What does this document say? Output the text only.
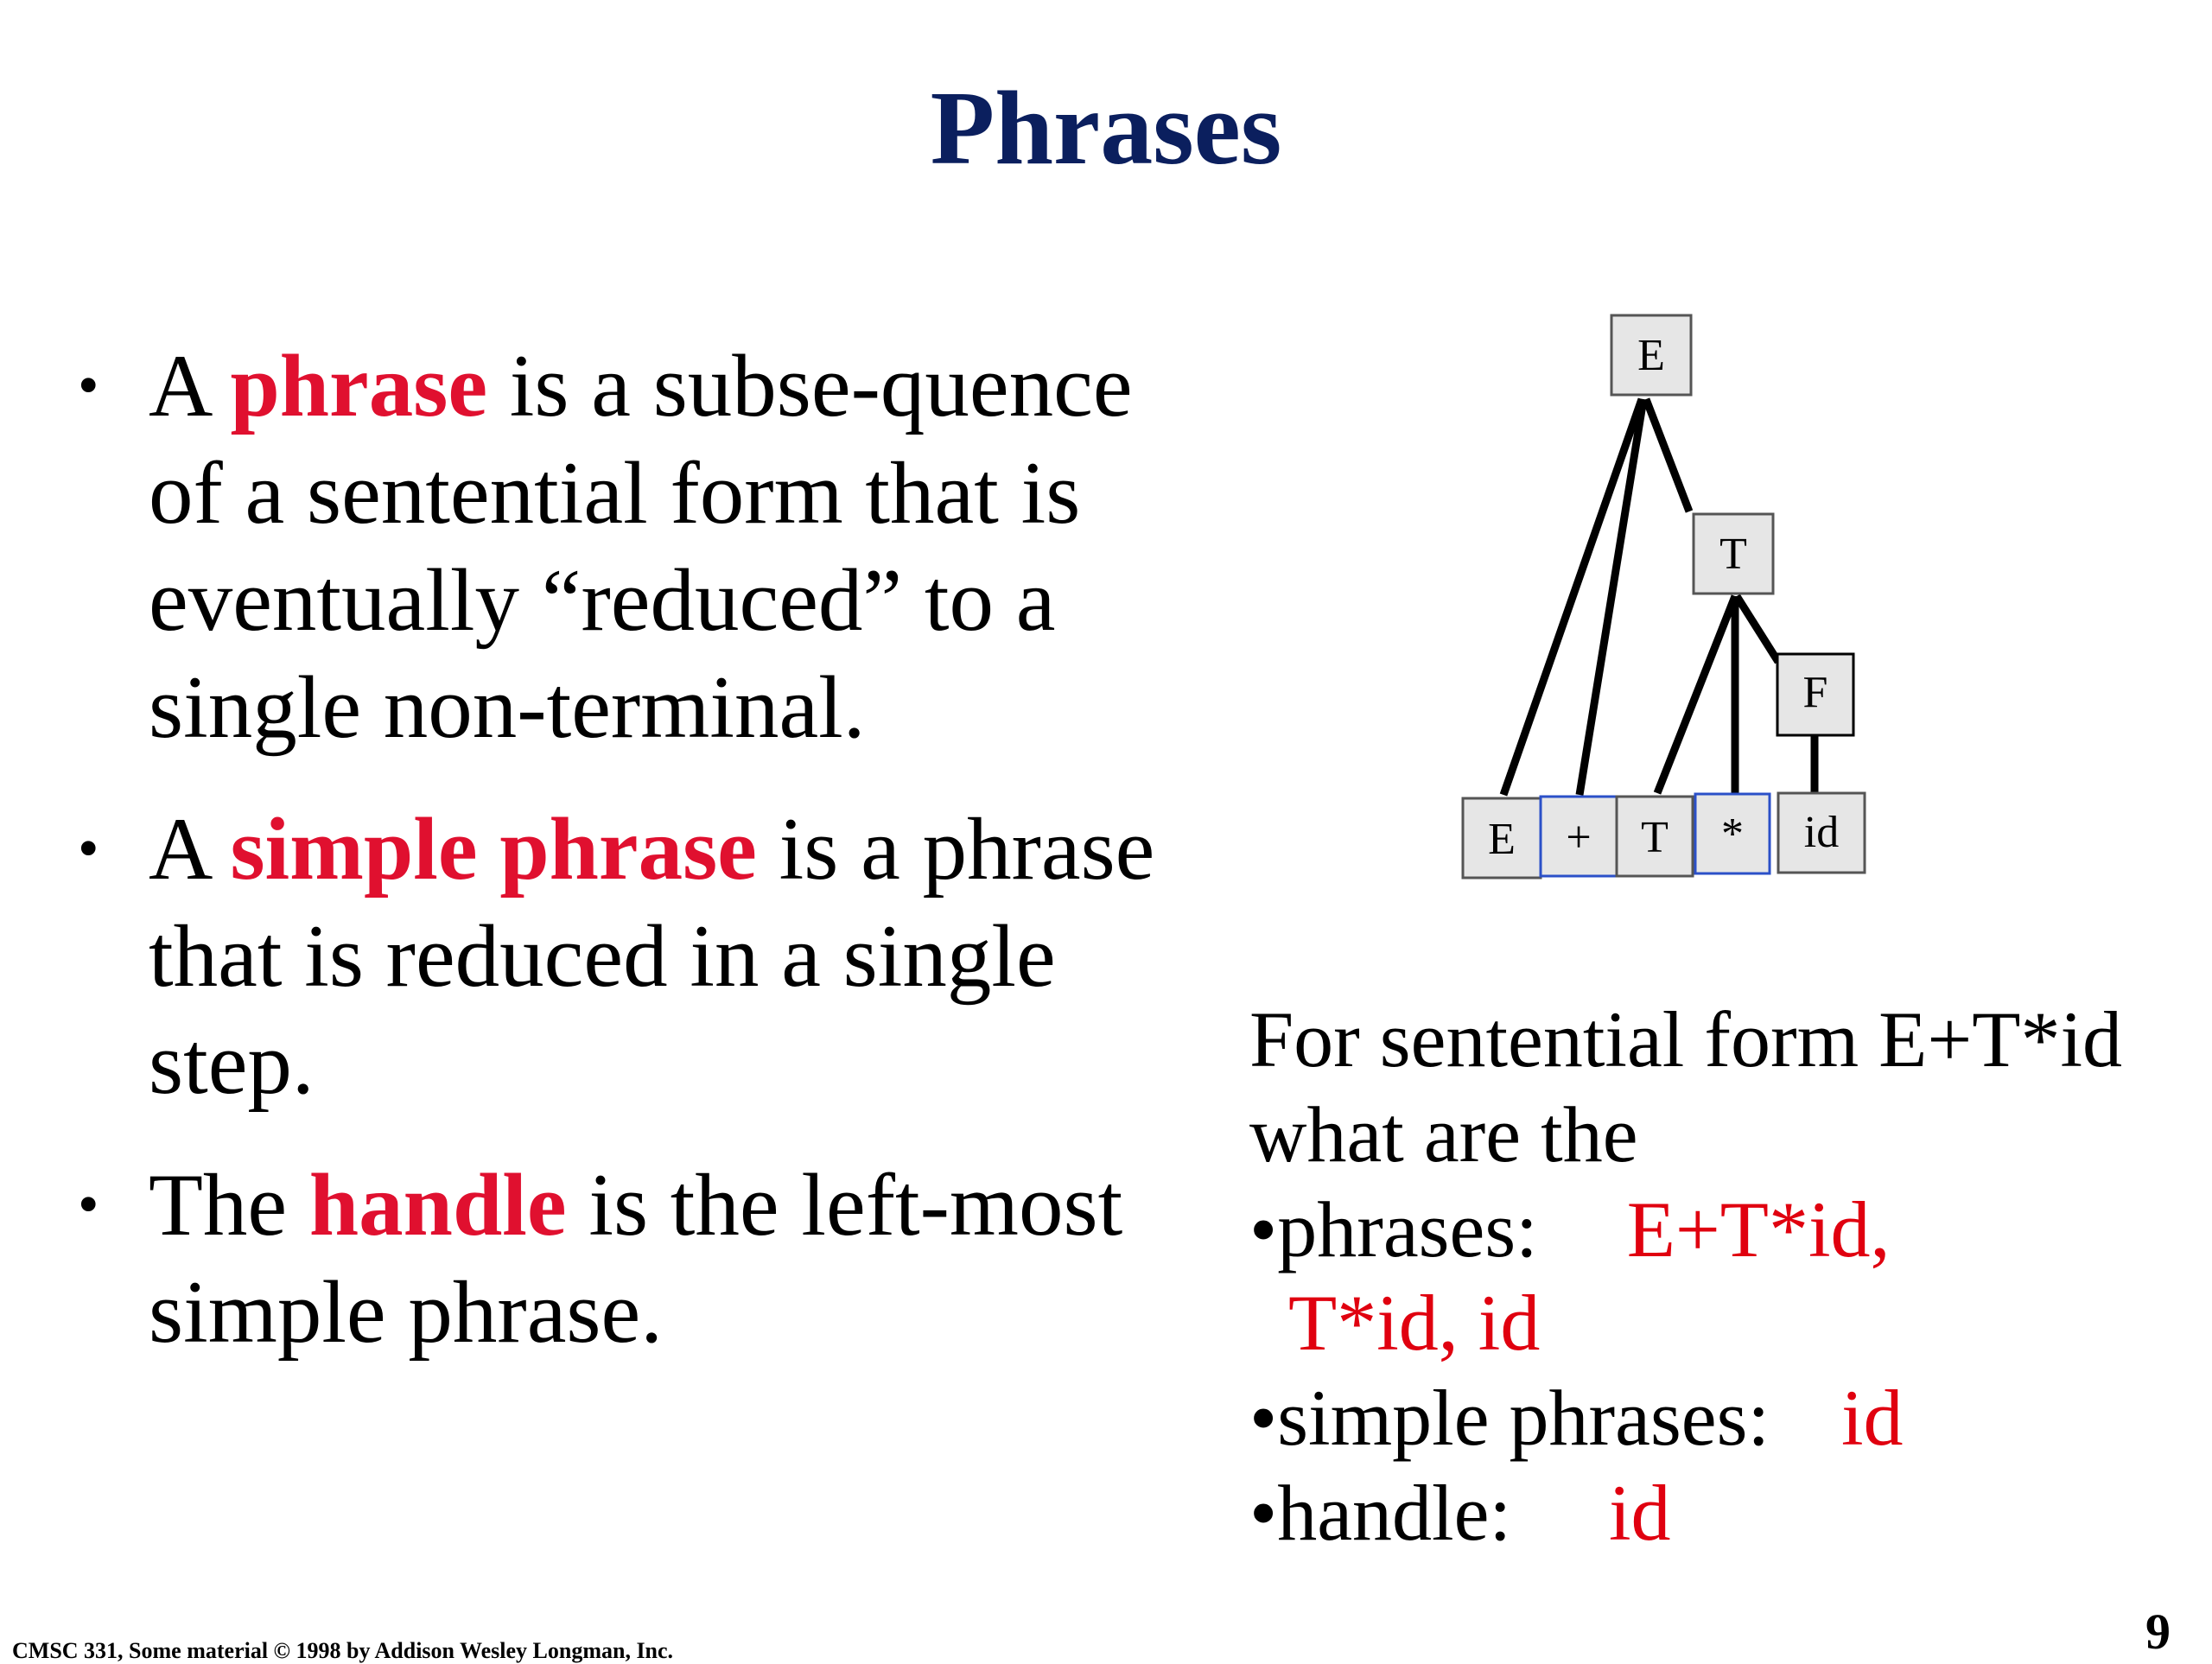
Phrases
• A phrase is a subse-quence of a sentential form that is eventually “reduced” to a single non-terminal.
• A simple phrase is a phrase that is reduced in a single step.
• The handle is the left-most simple phrase.
E
T
F
E + T * id
For sentential form E+T*id what are the
•phrases: E+T*id,
T*id, id
•simple phrases: id
•handle: id
CMSC 331, Some material © 1998 by Addison Wesley Longman, Inc.	9
